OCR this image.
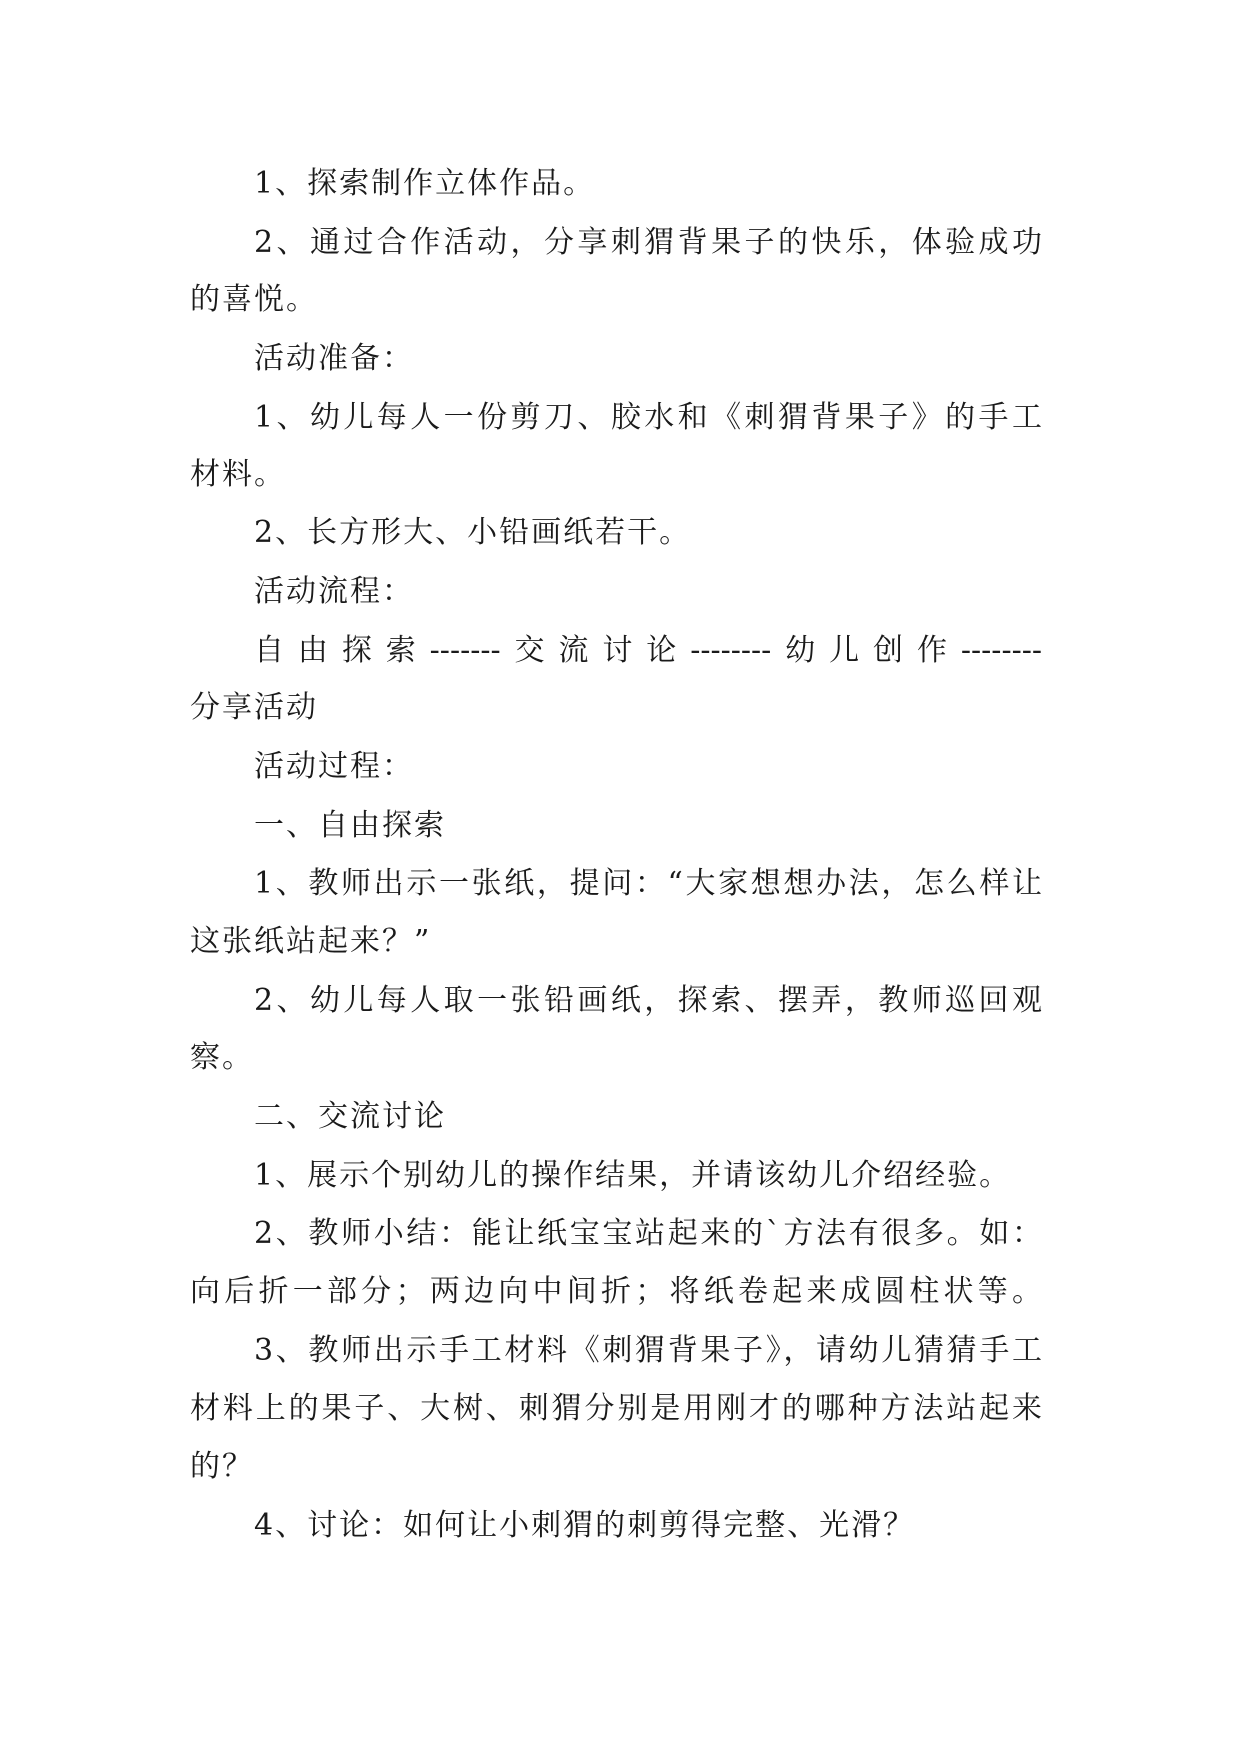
1、探索制作立体作品。
2、通过合作活动，分享刺猬背果子的快乐，体验成功
的喜悦。
活动准备：
1、幼儿每人一份剪刀、胶水和《刺猬背果子》的手工
材料。
2、长方形大、小铅画纸若干。
活动流程：
自由探索-------交流讨论--------幼儿创作--------
分享活动
活动过程：
一、自由探索
1、教师出示一张纸，提问：“大家想想办法，怎么样让
这张纸站起来？”
2、幼儿每人取一张铅画纸，探索、摆弄，教师巡回观
察。
二、交流讨论
1、展示个别幼儿的操作结果，并请该幼儿介绍经验。
2、教师小结：能让纸宝宝站起来的`方法有很多。如：
向后折一部分；两边向中间折；将纸卷起来成圆柱状等。
3、教师出示手工材料《刺猬背果子》，请幼儿猜猜手工
材料上的果子、大树、刺猬分别是用刚才的哪种方法站起来
的？
4、讨论：如何让小刺猬的刺剪得完整、光滑？
